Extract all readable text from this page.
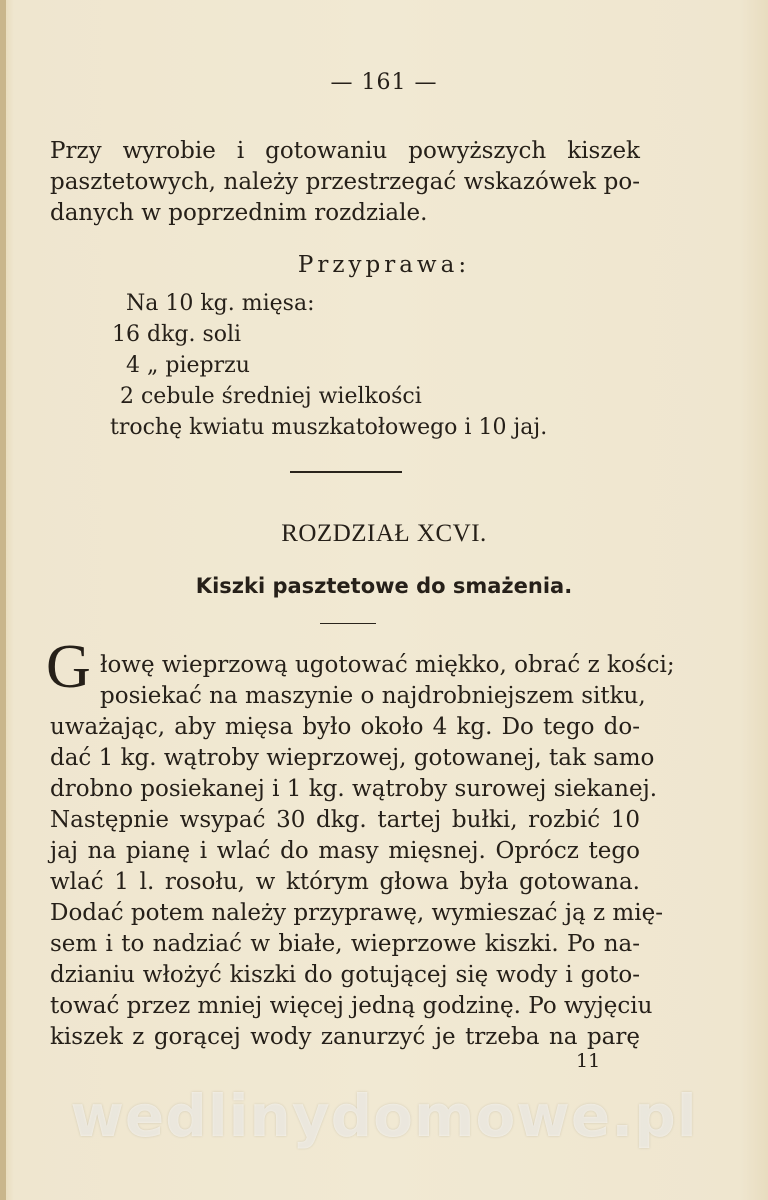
— 161 —
Przy wyrobie i gotowaniu powyższych kiszek
pasztetowych, należy przestrzegać wskazówek po-
danych w poprzednim rozdziale.
Przyprawa:
Na 10 kg. mięsa:
16 dkg. soli
4 „ pieprzu
2 cebule średniej wielkości
trochę kwiatu muszkatołowego i 10 jaj.
ROZDZIAŁ XCVI.
Kiszki pasztetowe do smażenia.
G łowę wieprzową ugotować miękko, obrać z kości;
posiekać na maszynie o najdrobniejszem sitku,
uważając, aby mięsa było około 4 kg. Do tego do-
dać 1 kg. wątroby wieprzowej, gotowanej, tak samo
drobno posiekanej i 1 kg. wątroby surowej siekanej.
Następnie wsypać 30 dkg. tartej bułki, rozbić 10
jaj na pianę i wlać do masy mięsnej. Oprócz tego
wlać 1 l. rosołu, w którym głowa była gotowana.
Dodać potem należy przyprawę, wymieszać ją z mię-
sem i to nadziać w białe, wieprzowe kiszki. Po na-
dzianiu włożyć kiszki do gotującej się wody i goto-
tować przez mniej więcej jedną godzinę. Po wyjęciu
kiszek z gorącej wody zanurzyć je trzeba na parę
11
wedlinydomowe.pl
